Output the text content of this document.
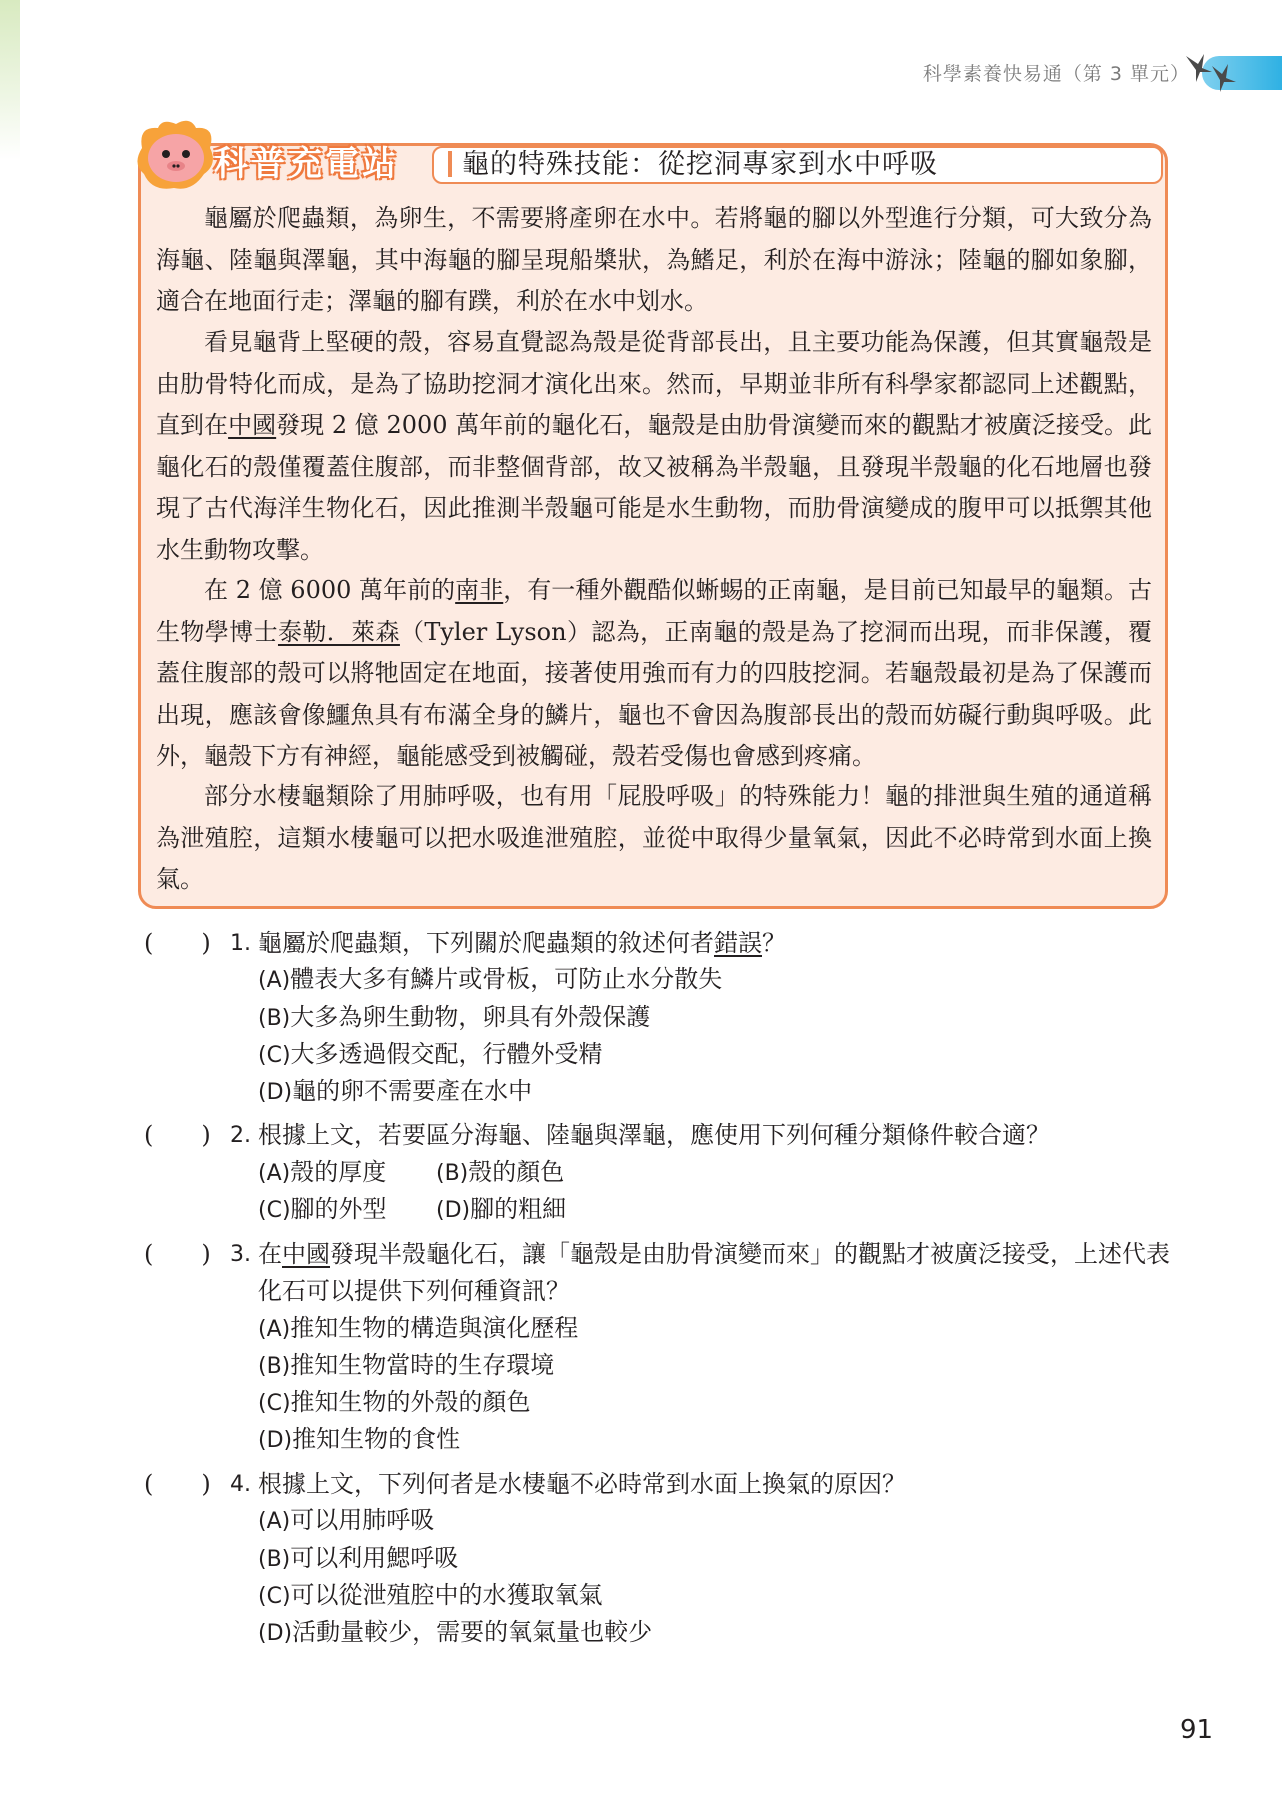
科學素養快易通（第 3 單元）
科普充電站	龜的特殊技能：從挖洞專家到水中呼吸

龜屬於爬蟲類，為卵生，不需要將產卵在水中。若將龜的腳以外型進行分類，可大致分為海龜、陸龜與澤龜，其中海龜的腳呈現船槳狀，為鰭足，利於在海中游泳；陸龜的腳如象腳，適合在地面行走；澤龜的腳有蹼，利於在水中划水。

看見龜背上堅硬的殼，容易直覺認為殼是從背部長出，且主要功能為保護，但其實龜殼是由肋骨特化而成，是為了協助挖洞才演化出來。然而，早期並非所有科學家都認同上述觀點，直到在中國發現 2 億 2000 萬年前的龜化石，龜殼是由肋骨演變而來的觀點才被廣泛接受。此龜化石的殼僅覆蓋住腹部，而非整個背部，故又被稱為半殼龜，且發現半殼龜的化石地層也發現了古代海洋生物化石，因此推測半殼龜可能是水生動物，而肋骨演變成的腹甲可以抵禦其他水生動物攻擊。

在 2 億 6000 萬年前的南非，有一種外觀酷似蜥蜴的正南龜，是目前已知最早的龜類。古生物學博士泰勒．萊森（Tyler Lyson）認為，正南龜的殼是為了挖洞而出現，而非保護，覆蓋住腹部的殼可以將牠固定在地面，接著使用強而有力的四肢挖洞。若龜殼最初是為了保護而出現，應該會像鱷魚具有布滿全身的鱗片，龜也不會因為腹部長出的殼而妨礙行動與呼吸。此外，龜殼下方有神經，龜能感受到被觸碰，殼若受傷也會感到疼痛。

部分水棲龜類除了用肺呼吸，也有用「屁股呼吸」的特殊能力！龜的排泄與生殖的通道稱為泄殖腔，這類水棲龜可以把水吸進泄殖腔，並從中取得少量氧氣，因此不必時常到水面上換氣。

(　　) 1. 龜屬於爬蟲類，下列關於爬蟲類的敘述何者錯誤？
(A)體表大多有鱗片或骨板，可防止水分散失
(B)大多為卵生動物，卵具有外殼保護
(C)大多透過假交配，行體外受精
(D)龜的卵不需要產在水中
(　　) 2. 根據上文，若要區分海龜、陸龜與澤龜，應使用下列何種分類條件較合適？
(A)殼的厚度 (B)殼的顏色
(C)腳的外型 (D)腳的粗細
(　　) 3. 在中國發現半殼龜化石，讓「龜殼是由肋骨演變而來」的觀點才被廣泛接受，上述代表化石可以提供下列何種資訊？
(A)推知生物的構造與演化歷程
(B)推知生物當時的生存環境
(C)推知生物的外殼的顏色
(D)推知生物的食性
(　　) 4. 根據上文，下列何者是水棲龜不必時常到水面上換氣的原因？
(A)可以用肺呼吸
(B)可以利用鰓呼吸
(C)可以從泄殖腔中的水獲取氧氣
(D)活動量較少，需要的氧氣量也較少
91
